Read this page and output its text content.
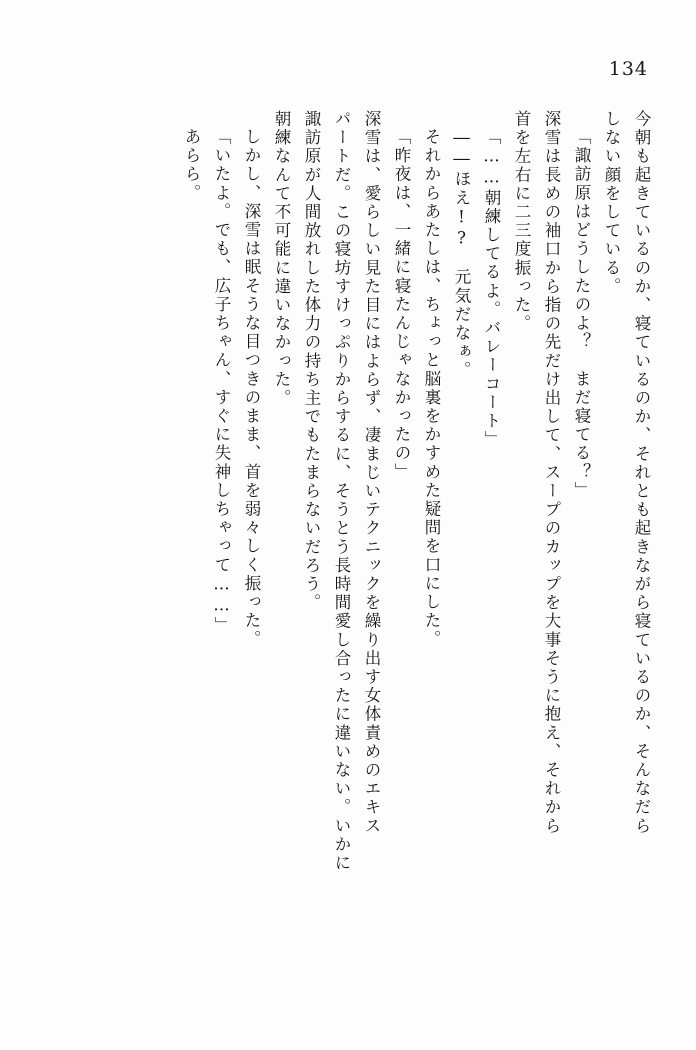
134
今朝も起きているのか、寝ているのか、それとも起きながら寝ているのか、そんなだら
しない顔をしている。
「諏訪原はどうしたのよ？　まだ寝てる？」
深雪は長めの袖口から指の先だけ出して、スープのカップを大事そうに抱え、それから
首を左右に二三度振った。
「……朝練してるよ。バレーコート」
――ほえ!?　元気だなぁ。
それからあたしは、ちょっと脳裏をかすめた疑問を口にした。
「昨夜は、一緒に寝たんじゃなかったの」
深雪は、愛らしい見た目にはよらず、凄まじいテクニックを繰り出す女体責めのエキス
パートだ。この寝坊すけっぷりからするに、そうとう長時間愛し合ったに違いない。いかに
諏訪原が人間放れした体力の持ち主でもたまらないだろう。
朝練なんて不可能に違いなかった。
しかし、深雪は眠そうな目つきのまま、首を弱々しく振った。
「いたよ。でも、広子ちゃん、すぐに失神しちゃって……」
あらら。
